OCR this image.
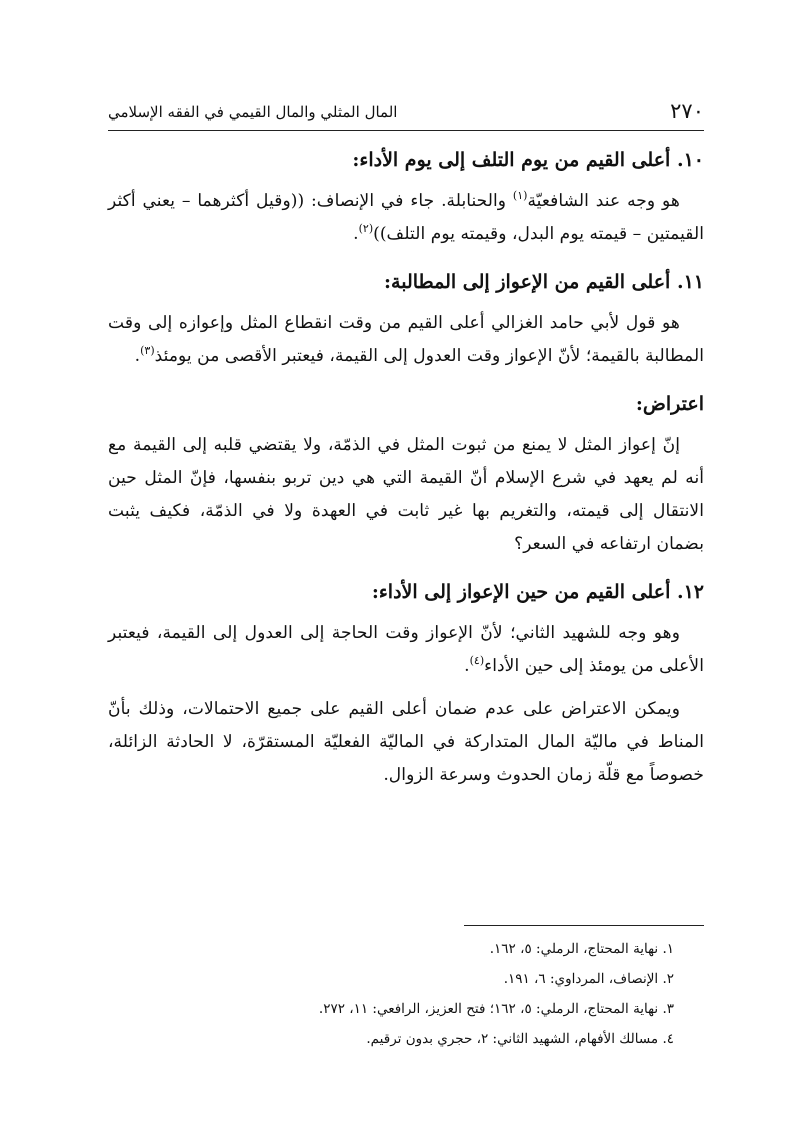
٢٧٠
المال المثلي والمال القيمي في الفقه الإسلامي
١٠. أعلى القيم من يوم التلف إلى يوم الأداء:

هو وجه عند الشافعيّة$^{(١)}$ والحنابلة. جاء في الإنصاف: ((وقيل أكثرهما – يعني أكثر القيمتين – قيمته يوم البدل، وقيمته يوم التلف))$^{(٢)}$.

١١. أعلى القيم من الإعواز إلى المطالبة:

هو قول لأبي حامد الغزالي أعلى القيم من وقت انقطاع المثل وإعوازه إلى وقت المطالبة بالقيمة؛ لأنّ الإعواز وقت العدول إلى القيمة، فيعتبر الأقصى من يومئذ$^{(٣)}$.

اعتراض:

إنّ إعواز المثل لا يمنع من ثبوت المثل في الذمّة، ولا يقتضي قلبه إلى القيمة مع أنه لم يعهد في شرع الإسلام أنّ القيمة التي هي دين تربو بنفسها، فإنّ المثل حين الانتقال إلى قيمته، والتغريم بها غير ثابت في العهدة ولا في الذمّة، فكيف يثبت بضمان ارتفاعه في السعر؟

١٢. أعلى القيم من حين الإعواز إلى الأداء:

وهو وجه للشهيد الثاني؛ لأنّ الإعواز وقت الحاجة إلى العدول إلى القيمة، فيعتبر الأعلى من يومئذ إلى حين الأداء$^{(٤)}$.

ويمكن الاعتراض على عدم ضمان أعلى القيم على جميع الاحتمالات، وذلك بأنّ المناط في ماليّة المال المتداركة في الماليّة الفعليّة المستقرّة، لا الحادثة الزائلة، خصوصاً مع قلّة زمان الحدوث وسرعة الزوال.

١. نهاية المحتاج، الرملي: ٥، ١٦٢.

٢. الإنصاف، المرداوي: ٦، ١٩١.

٣. نهاية المحتاج، الرملي: ٥، ١٦٢؛ فتح العزيز، الرافعي: ١١، ٢٧٢.

٤. مسالك الأفهام، الشهيد الثاني: ٢، حجري بدون ترقيم.
